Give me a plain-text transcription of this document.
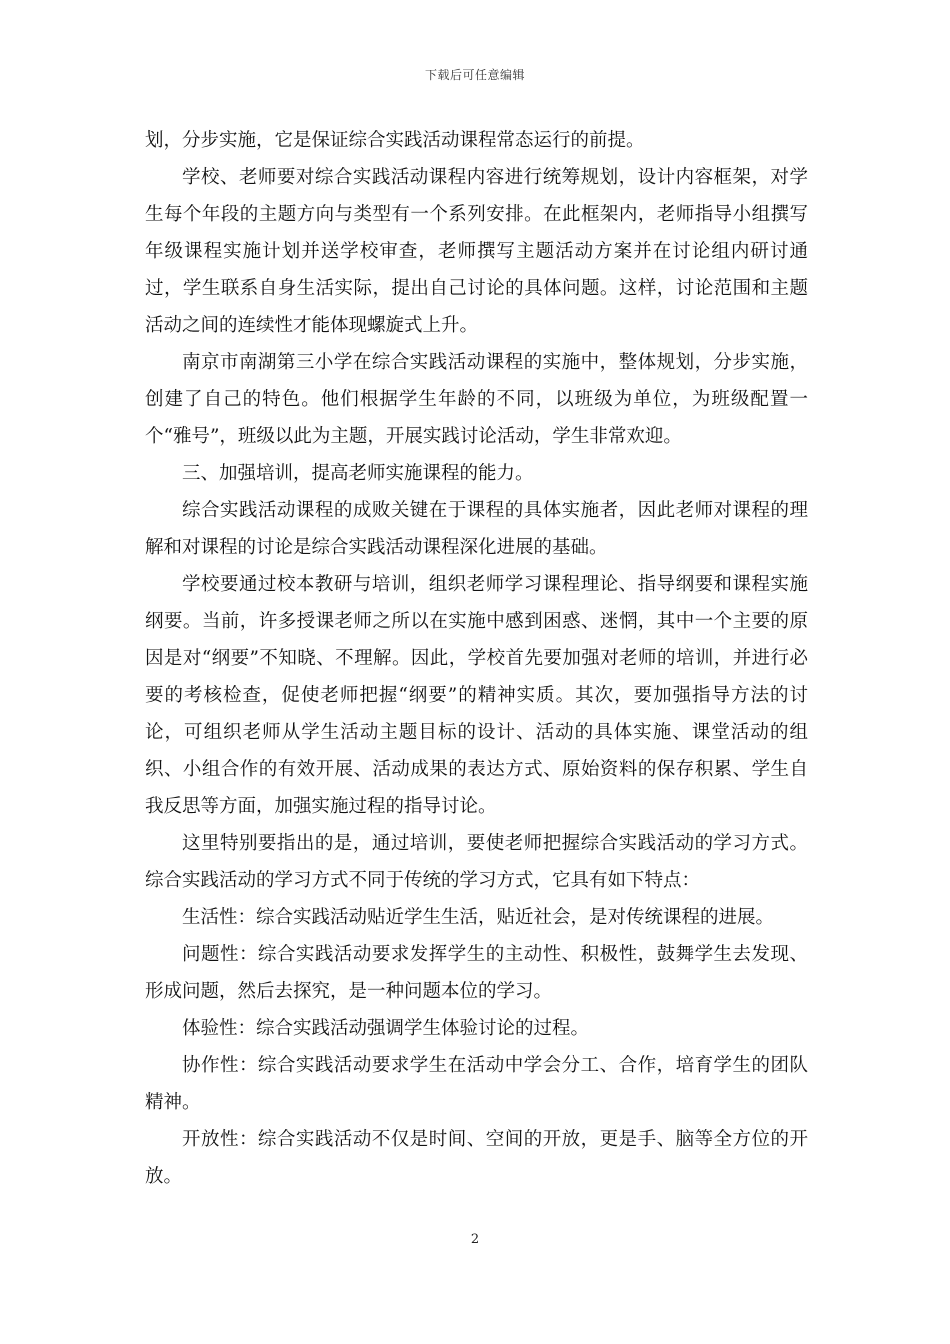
下载后可任意编辑

划，分步实施，它是保证综合实践活动课程常态运行的前提。

学校、老师要对综合实践活动课程内容进行统筹规划，设计内容框架，对学生每个年段的主题方向与类型有一个系列安排。在此框架内，老师指导小组撰写年级课程实施计划并送学校审查，老师撰写主题活动方案并在讨论组内研讨通过，学生联系自身生活实际，提出自己讨论的具体问题。这样，讨论范围和主题活动之间的连续性才能体现螺旋式上升。

南京市南湖第三小学在综合实践活动课程的实施中，整体规划，分步实施，创建了自己的特色。他们根据学生年龄的不同，以班级为单位，为班级配置一个“雅号”，班级以此为主题，开展实践讨论活动，学生非常欢迎。

三、加强培训，提高老师实施课程的能力。

综合实践活动课程的成败关键在于课程的具体实施者，因此老师对课程的理解和对课程的讨论是综合实践活动课程深化进展的基础。

学校要通过校本教研与培训，组织老师学习课程理论、指导纲要和课程实施纲要。当前，许多授课老师之所以在实施中感到困惑、迷惘，其中一个主要的原因是对“纲要”不知晓、不理解。因此，学校首先要加强对老师的培训，并进行必要的考核检查，促使老师把握“纲要”的精神实质。其次，要加强指导方法的讨论，可组织老师从学生活动主题目标的设计、活动的具体实施、课堂活动的组织、小组合作的有效开展、活动成果的表达方式、原始资料的保存积累、学生自我反思等方面，加强实施过程的指导讨论。

这里特别要指出的是，通过培训，要使老师把握综合实践活动的学习方式。综合实践活动的学习方式不同于传统的学习方式，它具有如下特点：

生活性：综合实践活动贴近学生生活，贴近社会，是对传统课程的进展。

问题性：综合实践活动要求发挥学生的主动性、积极性，鼓舞学生去发现、形成问题，然后去探究，是一种问题本位的学习。

体验性：综合实践活动强调学生体验讨论的过程。

协作性：综合实践活动要求学生在活动中学会分工、合作，培育学生的团队精神。

开放性：综合实践活动不仅是时间、空间的开放，更是手、脑等全方位的开放。

2
